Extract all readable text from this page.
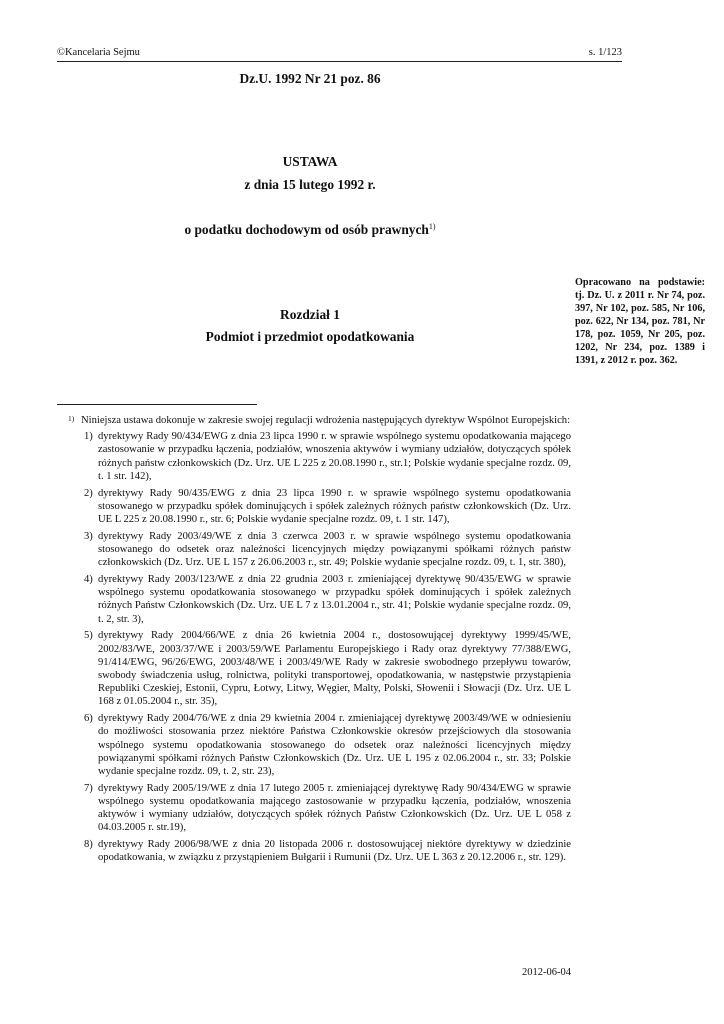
©Kancelaria Sejmu	s. 1/123
Dz.U. 1992 Nr 21 poz. 86
USTAWA
z dnia 15 lutego 1992 r.
o podatku dochodowym od osób prawnych$^{1)}$
Opracowano na podstawie: tj. Dz. U. z 2011 r. Nr 74, poz. 397, Nr 102, poz. 585, Nr 106, poz. 622, Nr 134, poz. 781, Nr 178, poz. 1059, Nr 205, poz. 1202, Nr 234, poz. 1389 i 1391, z 2012 r. poz. 362.
Rozdział 1
Podmiot i przedmiot opodatkowania
1) Niniejsza ustawa dokonuje w zakresie swojej regulacji wdrożenia następujących dyrektyw Wspólnot Europejskich:
1) dyrektywy Rady 90/434/EWG z dnia 23 lipca 1990 r. w sprawie wspólnego systemu opodatkowania mającego zastosowanie w przypadku łączenia, podziałów, wnoszenia aktywów i wymiany udziałów, dotyczących spółek różnych państw członkowskich (Dz. Urz. UE L 225 z 20.08.1990 r., str.1; Polskie wydanie specjalne rozdz. 09, t. 1 str. 142),
2) dyrektywy Rady 90/435/EWG z dnia 23 lipca 1990 r. w sprawie wspólnego systemu opodatkowania stosowanego w przypadku spółek dominujących i spółek zależnych różnych państw członkowskich (Dz. Urz. UE L 225 z 20.08.1990 r., str. 6; Polskie wydanie specjalne rozdz. 09, t. 1 str. 147),
3) dyrektywy Rady 2003/49/WE z dnia 3 czerwca 2003 r. w sprawie wspólnego systemu opodatkowania stosowanego do odsetek oraz należności licencyjnych między powiązanymi spółkami różnych państw członkowskich (Dz. Urz. UE L 157 z 26.06.2003 r., str. 49; Polskie wydanie specjalne rozdz. 09, t. 1, str. 380),
4) dyrektywy Rady 2003/123/WE z dnia 22 grudnia 2003 r. zmieniającej dyrektywę 90/435/EWG w sprawie wspólnego systemu opodatkowania stosowanego w przypadku spółek dominujących i spółek zależnych różnych Państw Członkowskich (Dz. Urz. UE L 7 z 13.01.2004 r., str. 41; Polskie wydanie specjalne rozdz. 09, t. 2, str. 3),
5) dyrektywy Rady 2004/66/WE z dnia 26 kwietnia 2004 r., dostosowującej dyrektywy 1999/45/WE, 2002/83/WE, 2003/37/WE i 2003/59/WE Parlamentu Europejskiego i Rady oraz dyrektywy 77/388/EWG, 91/414/EWG, 96/26/EWG, 2003/48/WE i 2003/49/WE Rady w zakresie swobodnego przepływu towarów, swobody świadczenia usług, rolnictwa, polityki transportowej, opodatkowania, w następstwie przystąpienia Republiki Czeskiej, Estonii, Cypru, Łotwy, Litwy, Węgier, Malty, Polski, Słowenii i Słowacji (Dz. Urz. UE L 168 z 01.05.2004 r., str. 35),
6) dyrektywy Rady 2004/76/WE z dnia 29 kwietnia 2004 r. zmieniającej dyrektywę 2003/49/WE w odniesieniu do możliwości stosowania przez niektóre Państwa Członkowskie okresów przejściowych dla stosowania wspólnego systemu opodatkowania stosowanego do odsetek oraz należności licencyjnych między powiązanymi spółkami różnych Państw Członkowskich (Dz. Urz. UE L 195 z 02.06.2004 r., str. 33; Polskie wydanie specjalne rozdz. 09, t. 2, str. 23),
7) dyrektywy Rady 2005/19/WE z dnia 17 lutego 2005 r. zmieniającej dyrektywę Rady 90/434/EWG w sprawie wspólnego systemu opodatkowania mającego zastosowanie w przypadku łączenia, podziałów, wnoszenia aktywów i wymiany udziałów, dotyczących spółek różnych Państw Członkowskich (Dz. Urz. UE L 058 z 04.03.2005 r. str.19),
8) dyrektywy Rady 2006/98/WE z dnia 20 listopada 2006 r. dostosowującej niektóre dyrektywy w dziedzinie opodatkowania, w związku z przystąpieniem Bułgarii i Rumunii (Dz. Urz. UE L 363 z 20.12.2006 r., str. 129).
2012-06-04
